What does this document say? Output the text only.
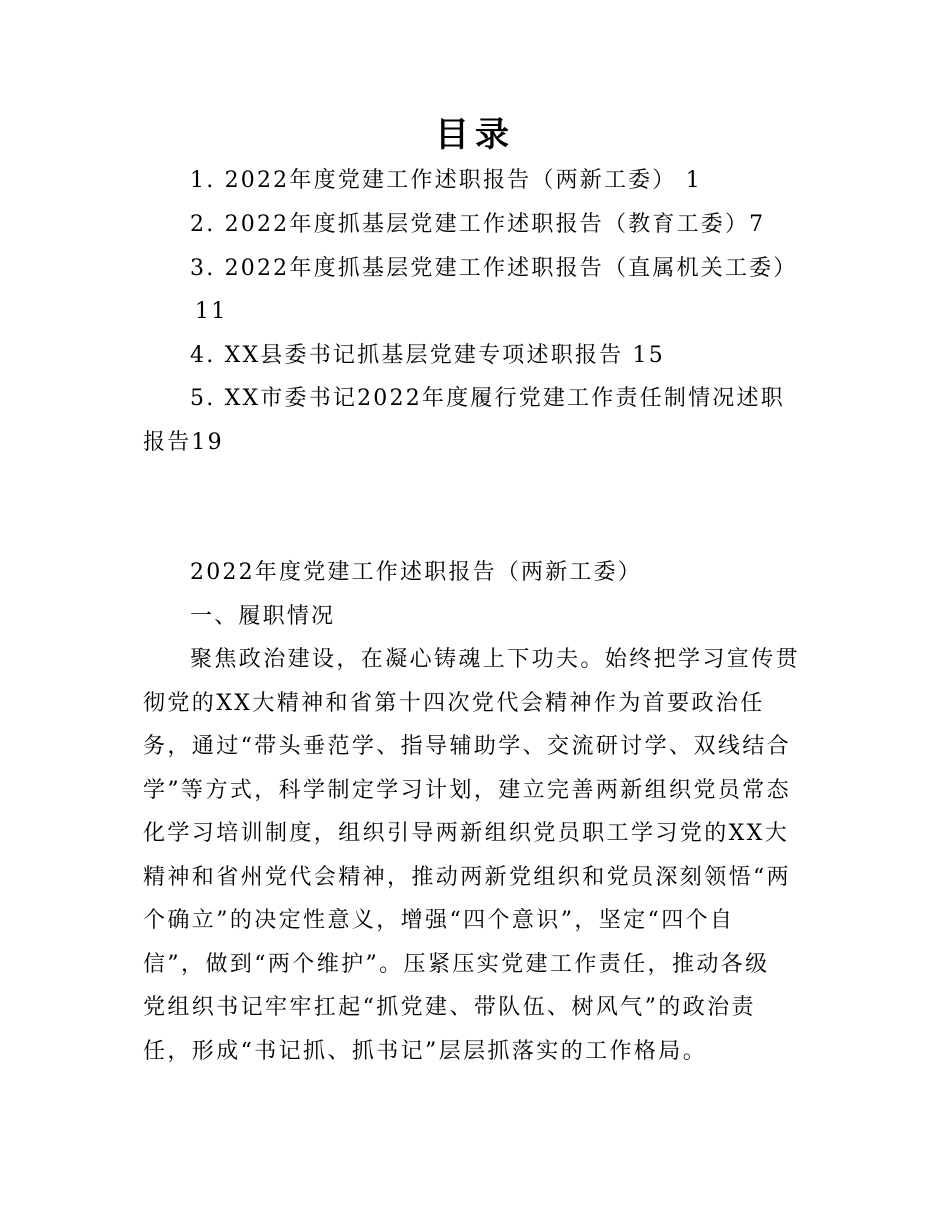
目录
1. 2022年度党建工作述职报告（两新工委） 1
2. 2022年度抓基层党建工作述职报告（教育工委）7
3. 2022年度抓基层党建工作述职报告（直属机关工委）
11
4. XX县委书记抓基层党建专项述职报告 15
5. XX市委书记2022年度履行党建工作责任制情况述职
报告19
2022年度党建工作述职报告（两新工委）
一、履职情况
聚焦政治建设，在凝心铸魂上下功夫。始终把学习宣传贯
彻党的XX大精神和省第十四次党代会精神作为首要政治任
务，通过“带头垂范学、指导辅助学、交流研讨学、双线结合
学”等方式，科学制定学习计划，建立完善两新组织党员常态
化学习培训制度，组织引导两新组织党员职工学习党的XX大
精神和省州党代会精神，推动两新党组织和党员深刻领悟“两
个确立”的决定性意义，增强“四个意识”，坚定“四个自
信”，做到“两个维护”。压紧压实党建工作责任，推动各级
党组织书记牢牢扛起“抓党建、带队伍、树风气”的政治责
任，形成“书记抓、抓书记”层层抓落实的工作格局。
